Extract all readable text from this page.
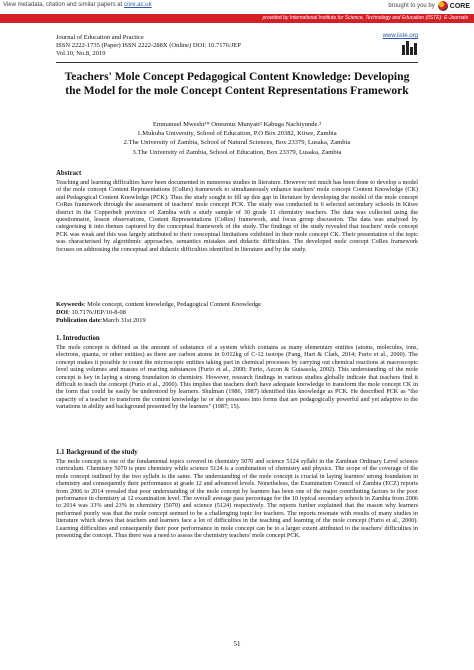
View metadata, citation and similar papers at core.ac.uk	brought to you by CORE
provided by International Institute for Science, Technology and Education (IISTE): E-Journals
Journal of Education and Practice
ISSN 2222-1735 (Paper) ISSN 2222-288X (Online) DOI: 10.7176/JEP
Vol.10, No.8, 2019
www.iiste.org
Teachers' Mole Concept Pedagogical Content Knowledge: Developing the Model for the mole Concept Content Representations Framework
Emmanuel Mweshi¹* Onesmus Munyati² Kabuga Nachiyunde.³
1.Mukuba University, School of Education, P.O Box 20382, Kitwe, Zambia
2.The University of Zambia, School of Natural Sciences, Box 23379, Lusaka, Zambia
3.The University of Zambia, School of Education, Box 23379, Lusaka, Zambia
Abstract

Teaching and learning difficulties have been documented in numerous studies in literature. However not much has been done to develop a model of the mole concept Content Representations (CoRes) framework to simultaneously enhance teachers' mole concept Content Knowledge (CK) and Pedagogical Content Knowledge (PCK). Thus the study sought to fill up this gap in literature by developing the model of the mole concept CoRes framework through the assessment of teachers' mole concept PCK. The study was conducted in 6 selected secondary schools in Kitwe district in the Copperbelt province of Zambia with a study sample of 30 grade 11 chemistry teachers. The data was collected using the questionnaire, lesson observations, Content Representations (CoRes) framework, and focus group discussion. The data was analysed by categorising it into themes captured by the conceptual framework of the study. The findings of the study revealed that teachers' mole concept PCK was weak and this was largely attributed to their conceptual limitations exhibited in their mole concept CK. Their presentation of the topic was characterised by algorithmic approaches, semantics mistakes and didactic difficulties. The developed mole concept CoRes framework focuses on addressing the conceptual and didactic difficulties identified in literature and by the study.

Keywords: Mole concept, content knowledge, Pedagogical Content Knowledge
DOI: 10.7176/JEP/10-8-08
Publication date:March 31st 2019
1. Introduction

The mole concept is defined as the amount of substance of a system which contains as many elementary entities (atoms, molecules, ions, electrons, quanta, or other entities) as there are carbon atoms in 0.012kg of C-12 isotope (Fang, Hart & Clark, 2014; Furio et al., 2000). The concept makes it possible to count the microscopic entities taking part in chemical processes by carrying out chemical reactions at macroscopic level using volumes and masses of reacting substances (Furio et al., 2000; Furio, Azcon & Guisasola, 2002). This understanding of the mole concept is key in laying a strong foundation in chemistry. However, research findings in various studies globally indicate that teachers find it difficult to teach the concept (Furio et al., 2000). This implies that teachers don't have adequate knowledge to transform the mole concept CK in the form that could be easily be understood by learners. Shulman (1986, 1987) identified this knowledge as PCK. He described PCK as "the capacity of a teacher to transform the content knowledge he or she possesses into forms that are pedagogically powerful and yet adaptive to the variations in ability and background presented by the learners" (1987; 15).

1.1 Background of the study

The mole concept is one of the fundamental topics covered in chemistry 5070 and science 5124 syllabi in the Zambian Ordinary Level science curriculum. Chemistry 5070 is pure chemistry while science 5124 is a combination of chemistry and physics. The scope of the coverage of the mole concept outlined by the two syllabi is the same. The understanding of the mole concept is crucial in laying learners' strong foundation in chemistry and consequently their performance at grade 12 and advanced levels. Nonetheless, the Examination Council of Zambia (ECZ) reports from 2006 to 2014 revealed that poor understanding of the mole concept by learners has been one of the major contributing factors to the poor performance in chemistry at 12 examination level. The overall average pass percentage for the 10 typical secondary schools in Zambia from 2006 to 2014 was 33% and 23% in chemistry (5070) and science (5124) respectively. The reports further explained that the reason why learners performed poorly was that the mole concept seemed to be a challenging topic for teachers. The reports resonate with results of many studies in literature which shows that teachers and learners face a lot of difficulties in the teaching and learning of the mole concept (Furio et al., 2000). Learning difficulties and consequently their poor performance in mole concept can be to a larger extent attributed to the teachers' difficulties in presenting the concept. Thus there was a need to assess the chemistry teachers' mole concept PCK.

51
